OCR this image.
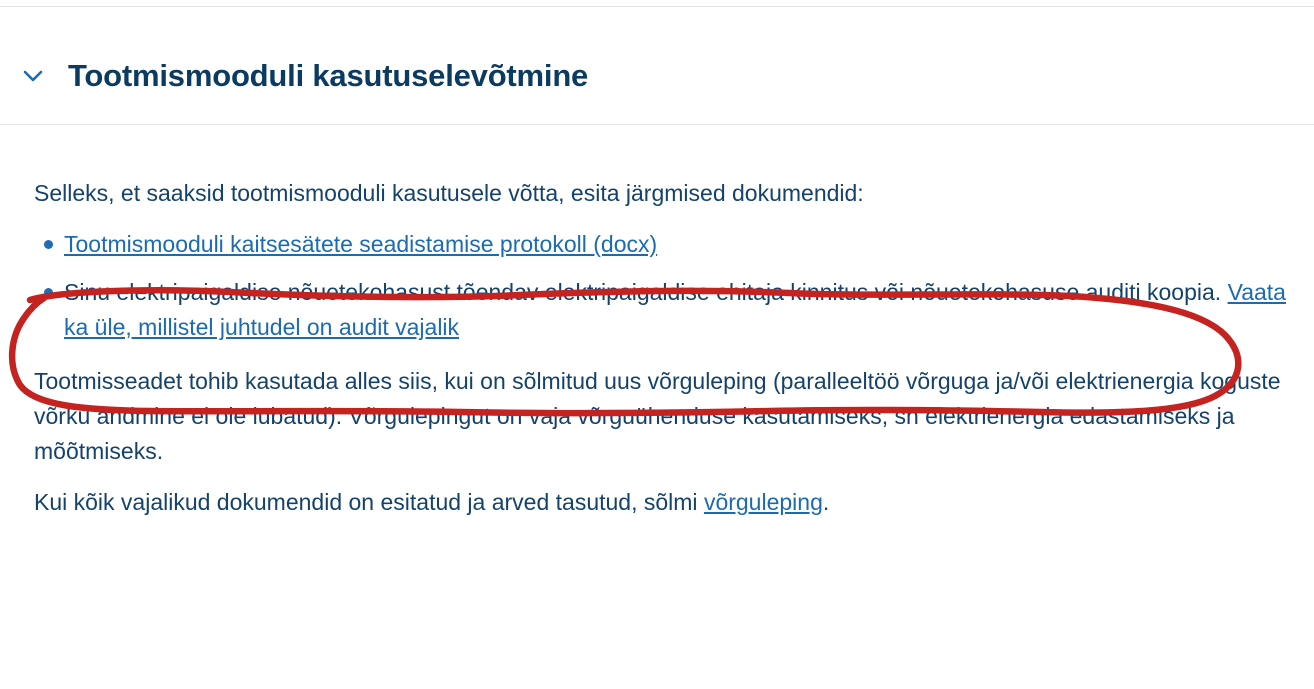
Tootmismooduli kasutuselevõtmine

Selleks, et saaksid tootmismooduli kasutusele võtta, esita järgmised dokumendid:

Tootmismooduli kaitsesätete seadistamise protokoll (docx)
Sinu elektripaigaldise nõuetekohasust tõendav elektripaigaldise ehitaja kinnitus või nõuetekohasuse auditi koopia. Vaata ka üle, millistel juhtudel on audit vajalik

Tootmisseadet tohib kasutada alles siis, kui on sõlmitud uus võrguleping (paralleeltöö võrguga ja/või elektrienergia koguste võrku andmine ei ole lubatud). Võrgulepingut on vaja võrguühenduse kasutamiseks, sh elektrienergia edastamiseks ja mõõtmiseks.

Kui kõik vajalikud dokumendid on esitatud ja arved tasutud, sõlmi võrguleping.
